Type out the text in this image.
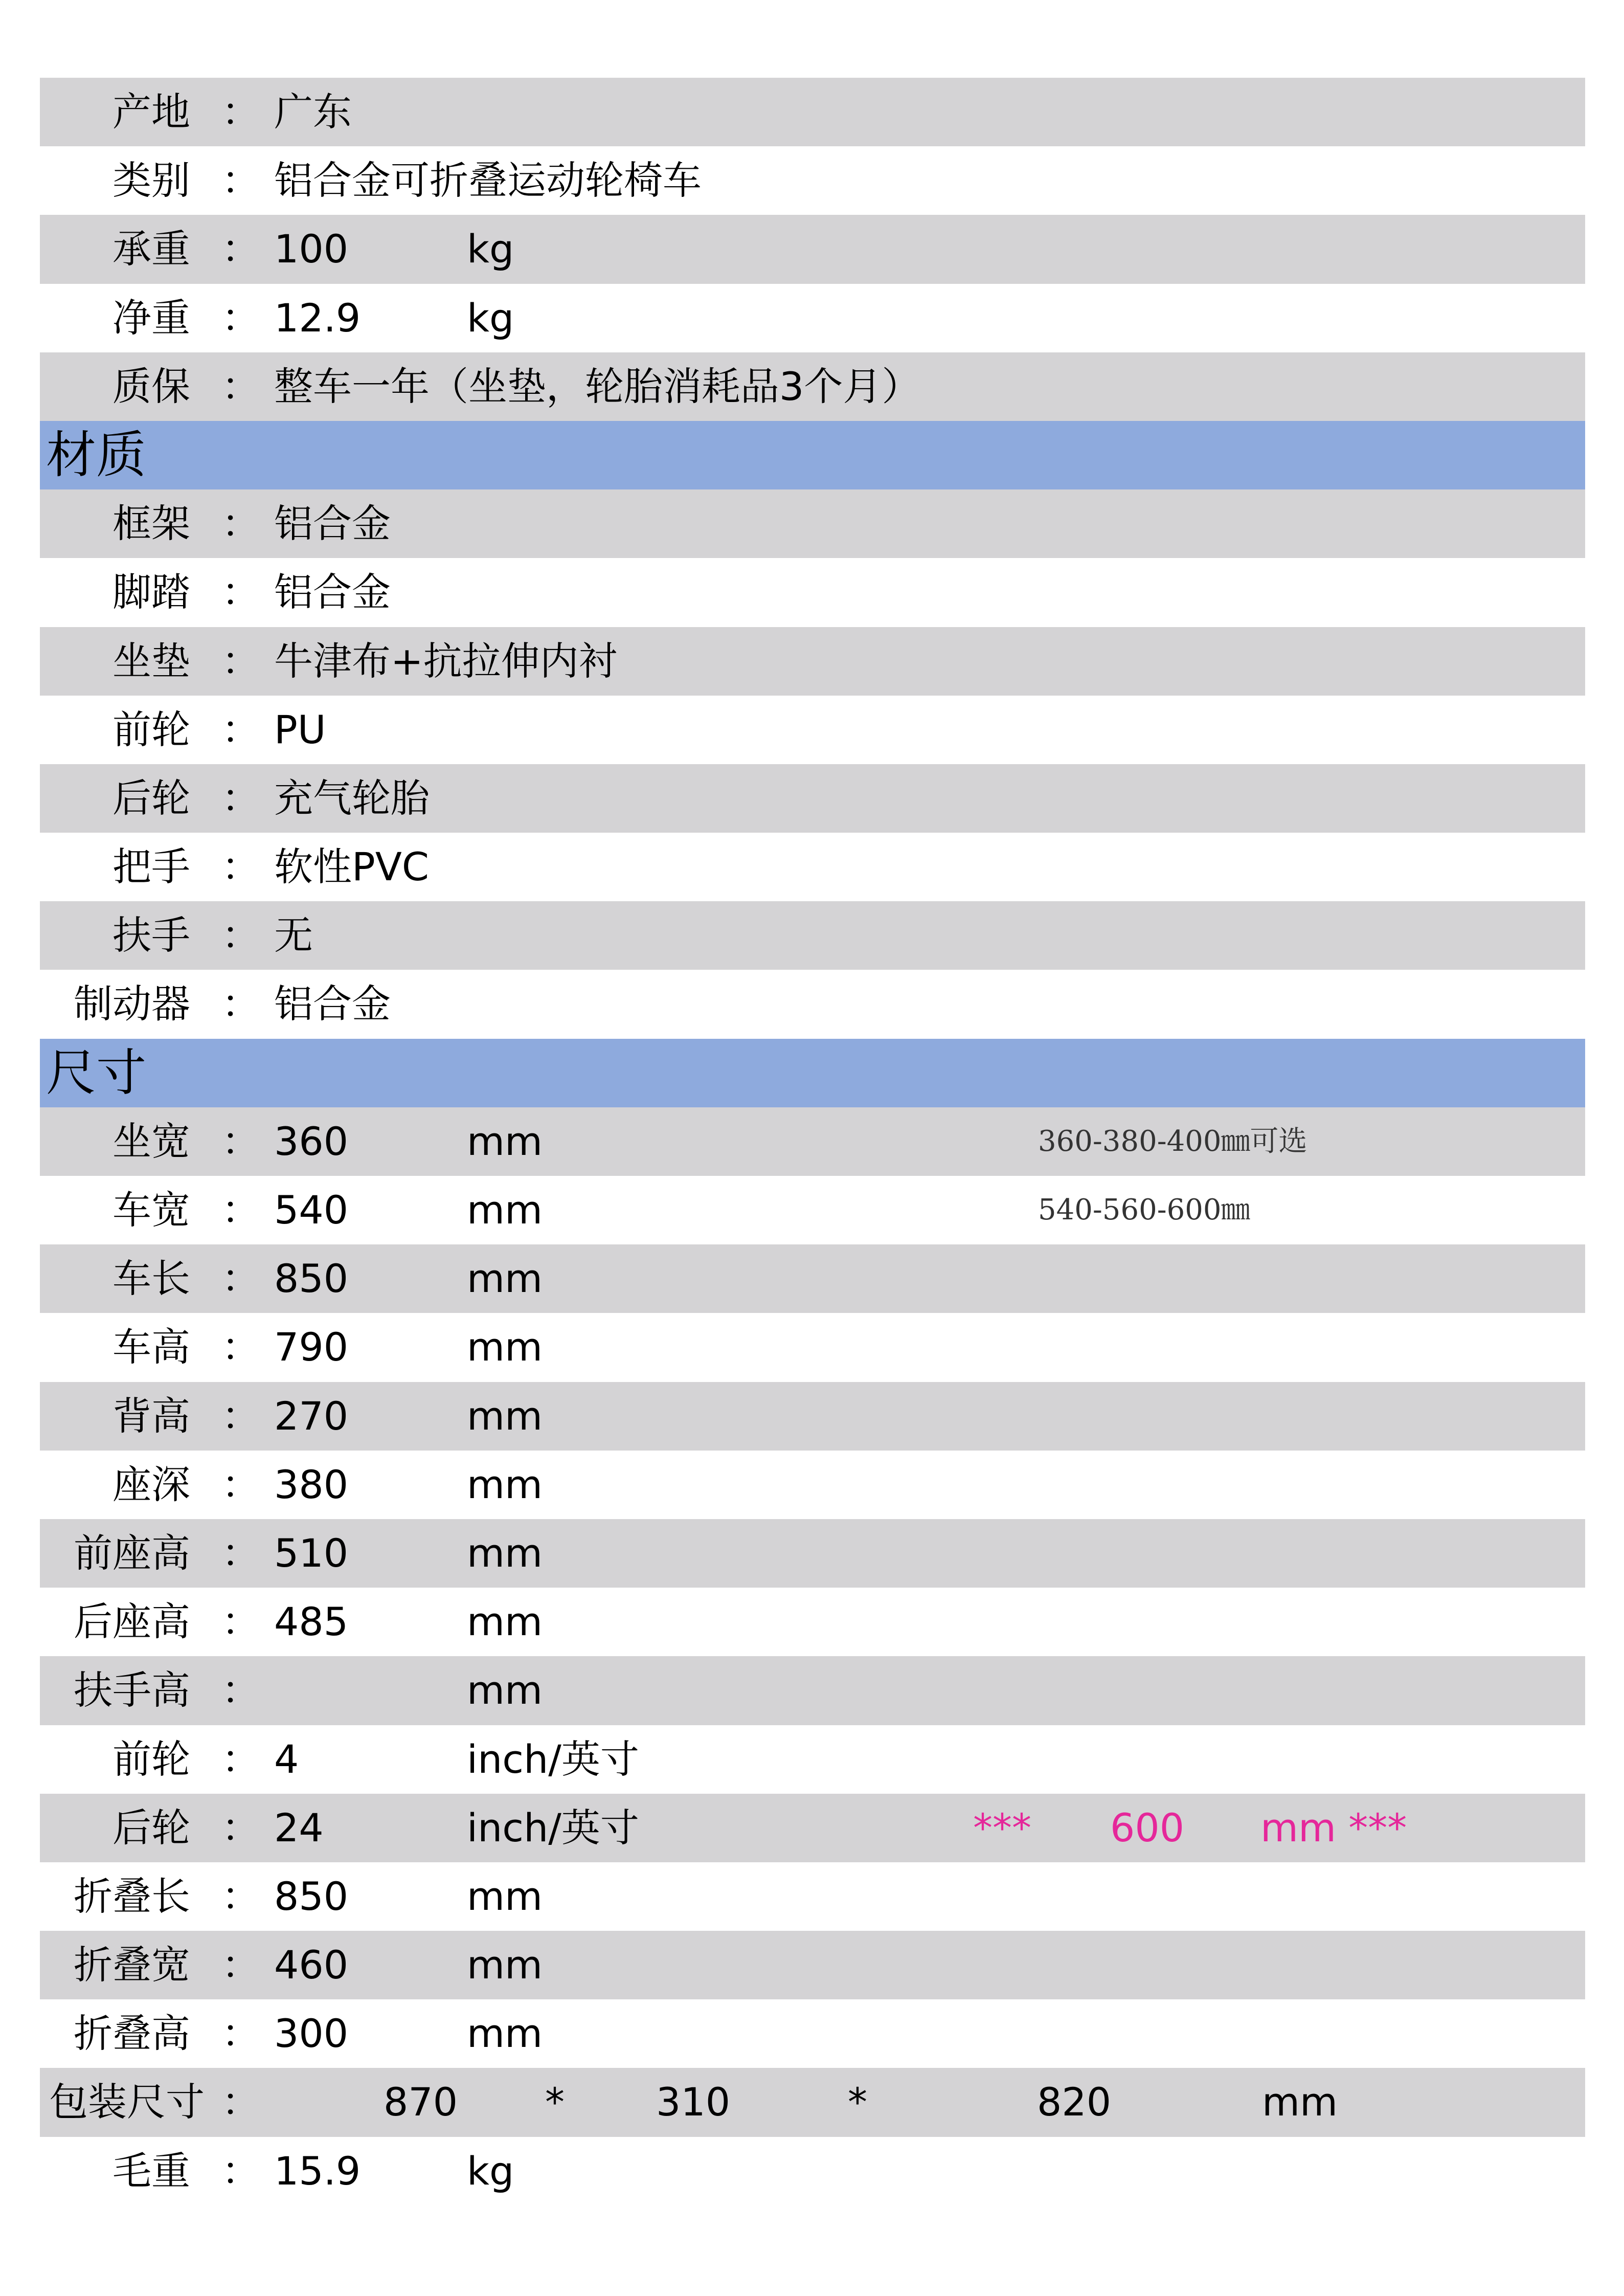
产地 ： 广东
类别 ： 铝合金可折叠运动轮椅车
承重 ： 100	kg
净重 ： 12.9	kg
质保 ： 整车一年（坐垫，轮胎消耗品3个月）
材质
框架 ： 铝合金
脚踏 ： 铝合金
坐垫 ： 牛津布+抗拉伸内衬
前轮 ： PU
后轮 ： 充气轮胎
把手 ： 软性PVC
扶手 ： 无
制动器 ： 铝合金
尺寸
坐宽 ： 360	mm	360-380-400㎜可选
车宽 ： 540	mm	540-560-600㎜
车长 ： 850	mm
车高 ： 790	mm
背高 ： 270	mm
座深 ： 380	mm
前座高 ： 510	mm
后座高 ： 485	mm
扶手高 ：	mm
前轮 ： 4	inch/英寸
后轮 ： 24	inch/英寸	*** 600 mm ***
折叠长 ： 850	mm
折叠宽 ： 460	mm
折叠高 ： 300	mm
包装尺寸 ：	870 * 310	*	820	mm
毛重 ： 15.9	kg
